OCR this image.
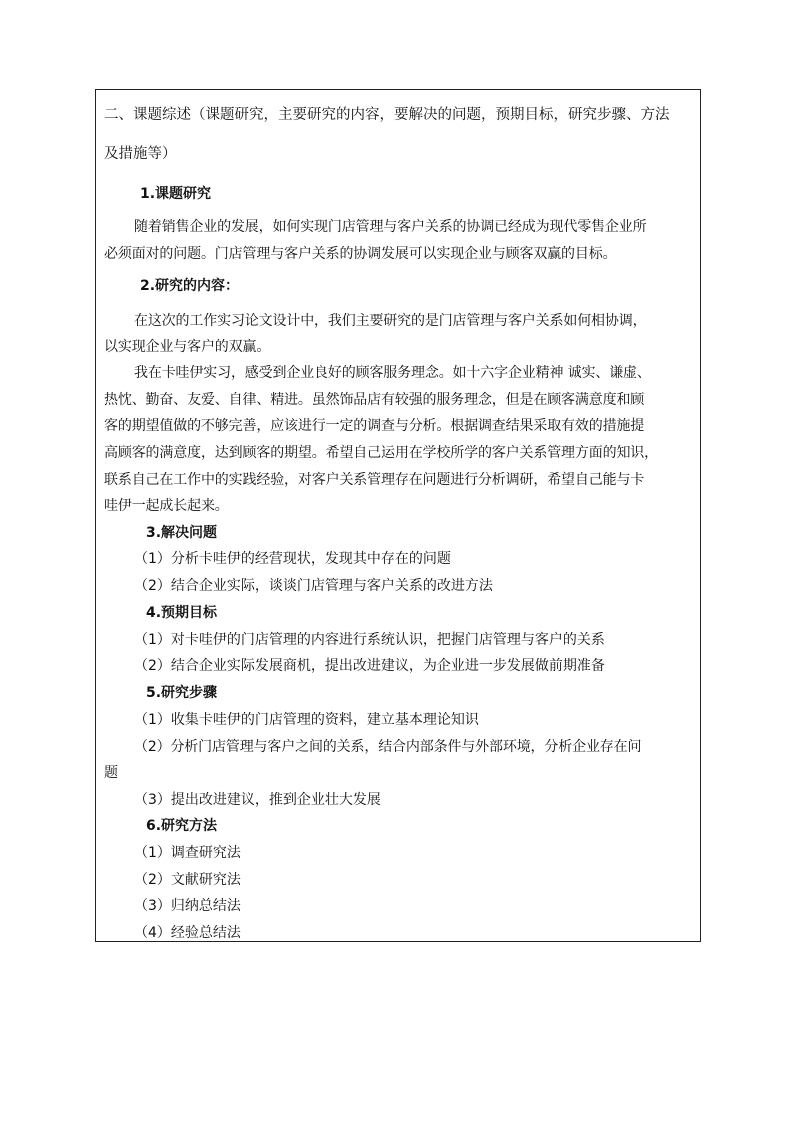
二、课题综述（课题研究，主要研究的内容，要解决的问题，预期目标，研究步骤、方法
及措施等）
1.课题研究
随着销售企业的发展，如何实现门店管理与客户关系的协调已经成为现代零售企业所
必须面对的问题。门店管理与客户关系的协调发展可以实现企业与顾客双赢的目标。
2.研究的内容：
在这次的工作实习论文设计中，我们主要研究的是门店管理与客户关系如何相协调，
以实现企业与客户的双赢。
我在卡哇伊实习，感受到企业良好的顾客服务理念。如十六字企业精神 诚实、谦虚、
热忱、勤奋、友爱、自律、精进。虽然饰品店有较强的服务理念，但是在顾客满意度和顾
客的期望值做的不够完善，应该进行一定的调查与分析。根据调查结果采取有效的措施提
高顾客的满意度，达到顾客的期望。希望自己运用在学校所学的客户关系管理方面的知识，
联系自己在工作中的实践经验，对客户关系管理存在问题进行分析调研，希望自己能与卡
哇伊一起成长起来。
3.解决问题
（1）分析卡哇伊的经营现状，发现其中存在的问题
（2）结合企业实际，谈谈门店管理与客户关系的改进方法
4.预期目标
（1）对卡哇伊的门店管理的内容进行系统认识，把握门店管理与客户的关系
（2）结合企业实际发展商机，提出改进建议，为企业进一步发展做前期准备
5.研究步骤
（1）收集卡哇伊的门店管理的资料，建立基本理论知识
（2）分析门店管理与客户之间的关系，结合内部条件与外部环境，分析企业存在问
题
（3）提出改进建议，推到企业壮大发展
6.研究方法
（1）调查研究法
（2）文献研究法
（3）归纳总结法
（4）经验总结法
